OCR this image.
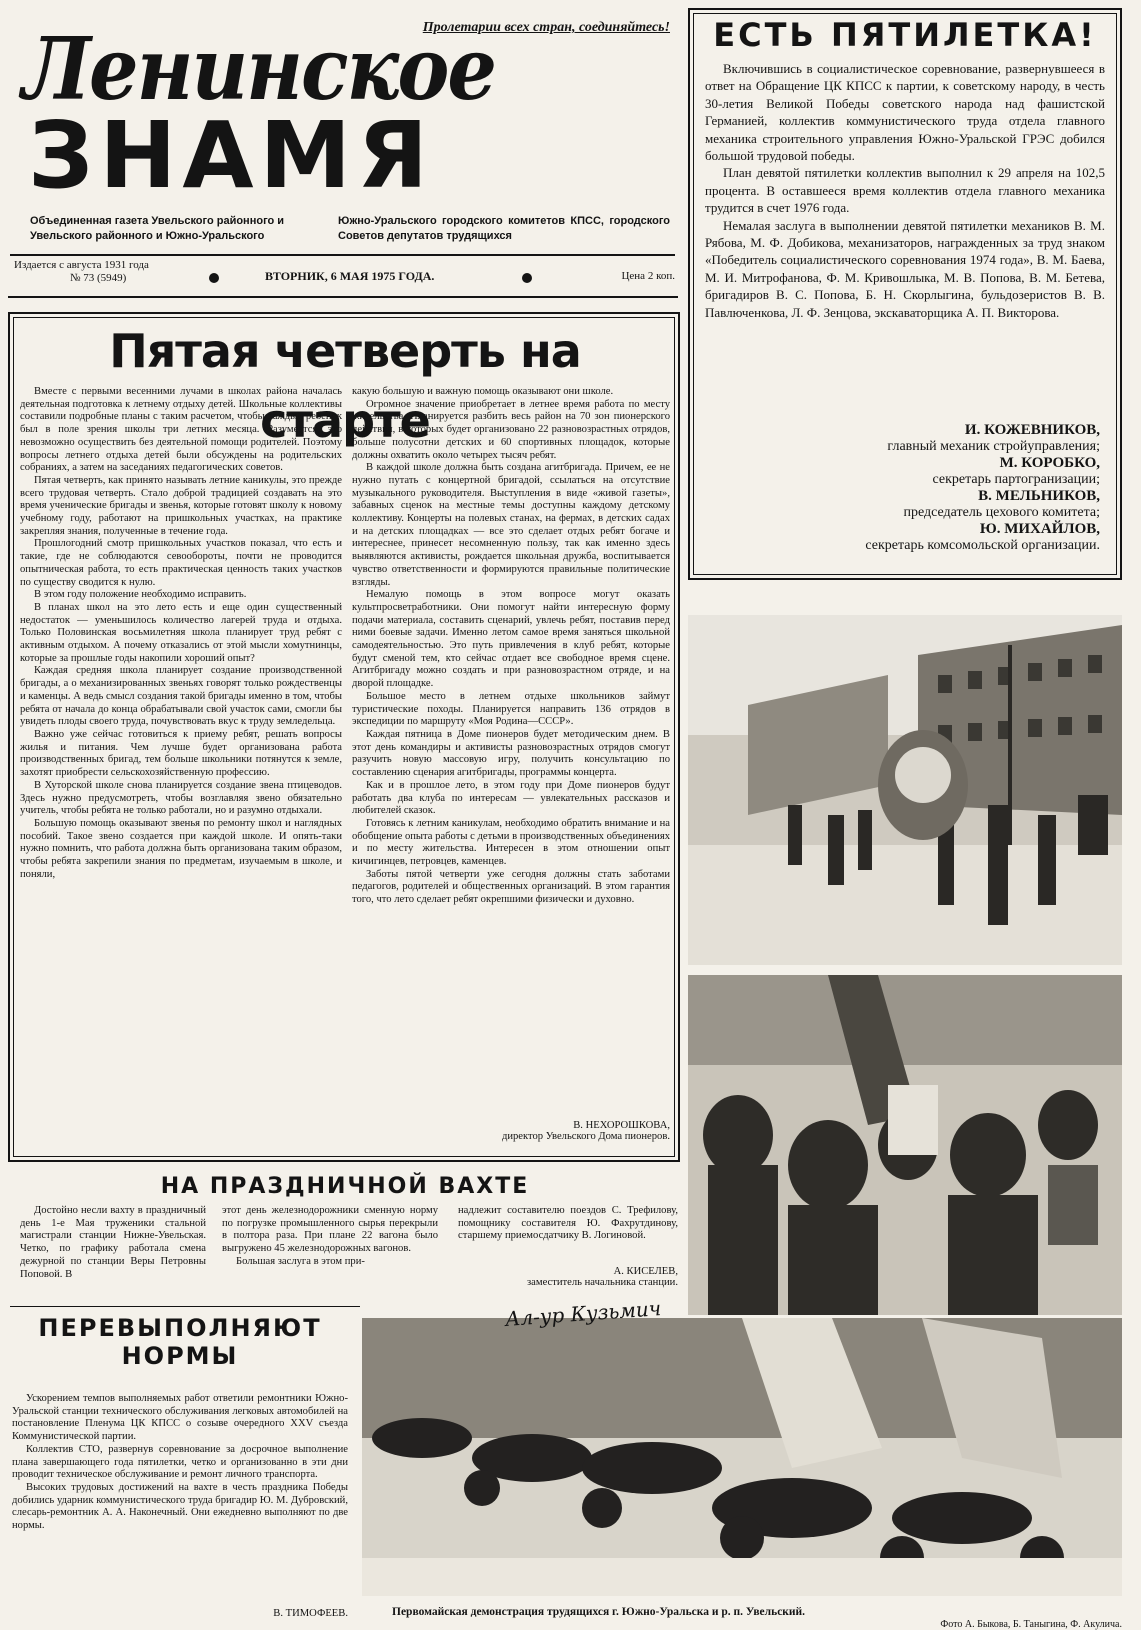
Пролетарии всех стран, соединяйтесь!
Ленинское
ЗНАМЯ
Объединенная газета Увельского районного и Увельского районного и Южно-Уральского
Южно-Уральского городского комитетов КПСС, городского Советов депутатов трудящихся
Издается с августа 1931 года
№ 73 (5949)	ВТОРНИК, 6 МАЯ 1975 ГОДА.	Цена 2 коп.
ЕСТЬ ПЯТИЛЕТКА!

Включившись в социалистическое соревнование, развернувшееся в ответ на Обращение ЦК КПСС к партии, к советскому народу, в честь 30-летия Великой Победы советского народа над фашистской Германией, коллектив коммунистического труда отдела главного механика строительного управления Южно-Уральской ГРЭС добился большой трудовой победы.

План девятой пятилетки коллектив выполнил к 29 апреля на 102,5 процента. В оставшееся время коллектив отдела главного механика трудится в счет 1976 года.

Немалая заслуга в выполнении девятой пятилетки механиков В. М. Рябова, М. Ф. Добикова, механизаторов, награжденных за труд знаком «Победитель социалистического соревнования 1974 года», В. М. Баева, М. И. Митрофанова, Ф. М. Кривошлыка, М. В. Попова, В. М. Бетева, бригадиров В. С. Попова, Б. Н. Скорлыгина, бульдозеристов В. В. Павлюченкова, Л. Ф. Зенцова, экскаваторщика А. П. Викторова.

И. КОЖЕВНИКОВ,
главный механик стройуправления;
М. КОРОБКО,
секретарь партогранизации;
В. МЕЛЬНИКОВ,
председатель цехового комитета;
Ю. МИХАЙЛОВ,
секретарь комсомольской организации.
Пятая четверть на старте

Вместе с первыми весенними лучами в школах района началась деятельная подготовка к летнему отдыху детей. Школьные коллективы составили подробные планы с таким расчетом, чтобы каждый ребенок был в поле зрения школы три летних месяца. Разумеется, это невозможно осуществить без деятельной помощи родителей. Поэтому вопросы летнего отдыха детей были обсуждены на родительских собраниях, а затем на заседаниях педагогических советов.

Пятая четверть, как принято называть летние каникулы, это прежде всего трудовая четверть. Стало доброй традицией создавать на это время ученические бригады и звенья, которые готовят школу к новому учебному году, работают на пришкольных участках, на практике закрепляя знания, полученные в течение года.

Прошлогодний смотр пришкольных участков показал, что есть и такие, где не соблюдаются севообороты, почти не проводится опытническая работа, то есть практическая ценность таких участков по существу сводится к нулю.

В этом году положение необходимо исправить.

В планах школ на это лето есть и еще один существенный недостаток — уменьшилось количество лагерей труда и отдыха. Только Половинская восьмилетняя школа планирует труд ребят с активным отдыхом. А почему отказались от этой мысли хомутнинцы, которые за прошлые годы накопили хороший опыт?

Каждая средняя школа планирует создание производственной бригады, а о механизированных звеньях говорят только рождественцы и каменцы. А ведь смысл создания такой бригады именно в том, чтобы ребята от начала до конца обрабатывали свой участок сами, смогли бы увидеть плоды своего труда, почувствовать вкус к труду земледельца.

Важно уже сейчас готовиться к приему ребят, решать вопросы жилья и питания. Чем лучше будет организована работа производственных бригад, тем больше школьники потянутся к земле, захотят приобрести сельскохозяйственную профессию.

В Хуторской школе снова планируется создание звена птицеводов. Здесь нужно предусмотреть, чтобы возглавляя звено обязательно учитель, чтобы ребята не только работали, но и разумно отдыхали.

Большую помощь оказывают звенья по ремонту школ и наглядных пособий. Такое звено создается при каждой школе. И опять-таки нужно помнить, что работа должна быть организована таким образом, чтобы ребята закрепили знания по предметам, изучаемым в школе, и поняли,

какую большую и важную помощь оказывают они школе.

Огромное значение приобретает в летнее время работа по месту жительства. Планируется разбить весь район на 70 зон пионерского действия, в которых будет организовано 22 разновозрастных отрядов, больше полусотни детских и 60 спортивных площадок, которые должны охватить около четырех тысяч ребят.

В каждой школе должна быть создана агитбригада. Причем, ее не нужно путать с концертной бригадой, ссылаться на отсутствие музыкального руководителя. Выступления в виде «живой газеты», забавных сценок на местные темы доступны каждому детскому коллективу. Концерты на полевых станах, на фермах, в детских садах и на детских площадках — все это сделает отдых ребят богаче и интереснее, принесет несомненную пользу, так как именно здесь выявляются активисты, рождается школьная дружба, воспитывается чувство ответственности и формируются правильные политические взгляды.

Немалую помощь в этом вопросе могут оказать культпросветработники. Они помогут найти интересную форму подачи материала, составить сценарий, увлечь ребят, поставив перед ними боевые задачи. Именно летом самое время заняться школьной самодеятельностью. Это путь привлечения в клуб ребят, которые будут сменой тем, кто сейчас отдает все свободное время сцене. Агитбригаду можно создать и при разновозрастном отряде, и на дворой площадке.

Большое место в летнем отдыхе школьников займут туристические походы. Планируется направить 136 отрядов в экспедиции по маршруту «Моя Родина—СССР».

Каждая пятница в Доме пионеров будет методическим днем. В этот день командиры и активисты разновозрастных отрядов смогут разучить новую массовую игру, получить консультацию по составлению сценария агитбригады, программы концерта.

Как и в прошлое лето, в этом году при Доме пионеров будут работать два клуба по интересам — увлекательных рассказов и любителей сказок.

Готовясь к летним каникулам, необходимо обратить внимание и на обобщение опыта работы с детьми в производственных объединениях и по месту жительства. Интересен в этом отношении опыт кичигинцев, петровцев, каменцев.

Заботы пятой четверти уже сегодня должны стать заботами педагогов, родителей и общественных организаций. В этом гарантия того, что лето сделает ребят окрепшими физически и духовно.

В. НЕХОРОШКОВА,
директор Увельского Дома пионеров.
НА ПРАЗДНИЧНОЙ ВАХТЕ

Достойно несли вахту в праздничный день 1-е Мая труженики стальной магистрали станции Нижне-Увельская. Четко, по графику работала смена дежурной по станции Веры Петровны Поповой. В

этот день железнодорожники сменную норму по погрузке промышленного сырья перекрыли в полтора раза. При плане 22 вагона было выгружено 45 железнодорожных вагонов.

Большая заслуга в этом при-

надлежит составителю поездов С. Трефилову, помощнику составителя Ю. Фахрутдинову, старшему приемосдатчику В. Логиновой.

А. КИСЕЛЕВ,
заместитель начальника станции.
ПЕРЕВЫПОЛНЯЮТ
НОРМЫ

Ускорением темпов выполняемых работ ответили ремонтники Южно-Уральской станции технического обслуживания легковых автомобилей на постановление Пленума ЦК КПСС о созыве очередного XXV съезда Коммунистической партии.

Коллектив СТО, развернув соревнование за досрочное выполнение плана завершающего года пятилетки, четко и организованно в эти дни проводит техническое обслуживание и ремонт личного транспорта.

Высоких трудовых достижений на вахте в честь праздника Победы добились ударник коммунистического труда бригадир Ю. М. Дубровский, слесарь-ремонтник А. А. Наконечный. Они ежедневно выполняют по две нормы.

В. ТИМОФЕЕВ.
Ал-ур Кузьмич
Первомайская демонстрация трудящихся г. Южно-Уральска и р. п. Увельский.
Фото А. Быкова, Б. Таныгина, Ф. Акулича.
